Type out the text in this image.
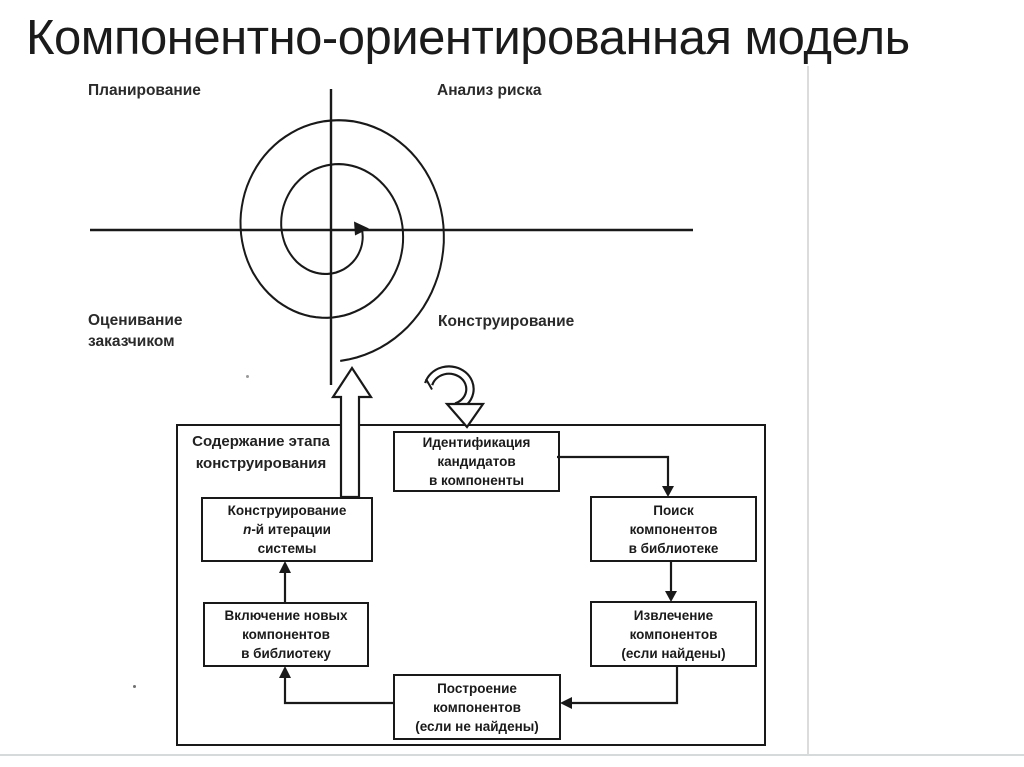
Компонентно-ориентированная модель
Планирование	Анализ риска
Оценивание
заказчиком
Конструирование
Содержание этапа
конструирования
Идентификация
кандидатов
в компоненты
Поиск
компонентов
в библиотеке
Извлечение
компонентов
(если найдены)
Построение
компонентов
(если не найдены)
Включение новых
компонентов
в библиотеку
Конструирование
n-й итерации
системы
